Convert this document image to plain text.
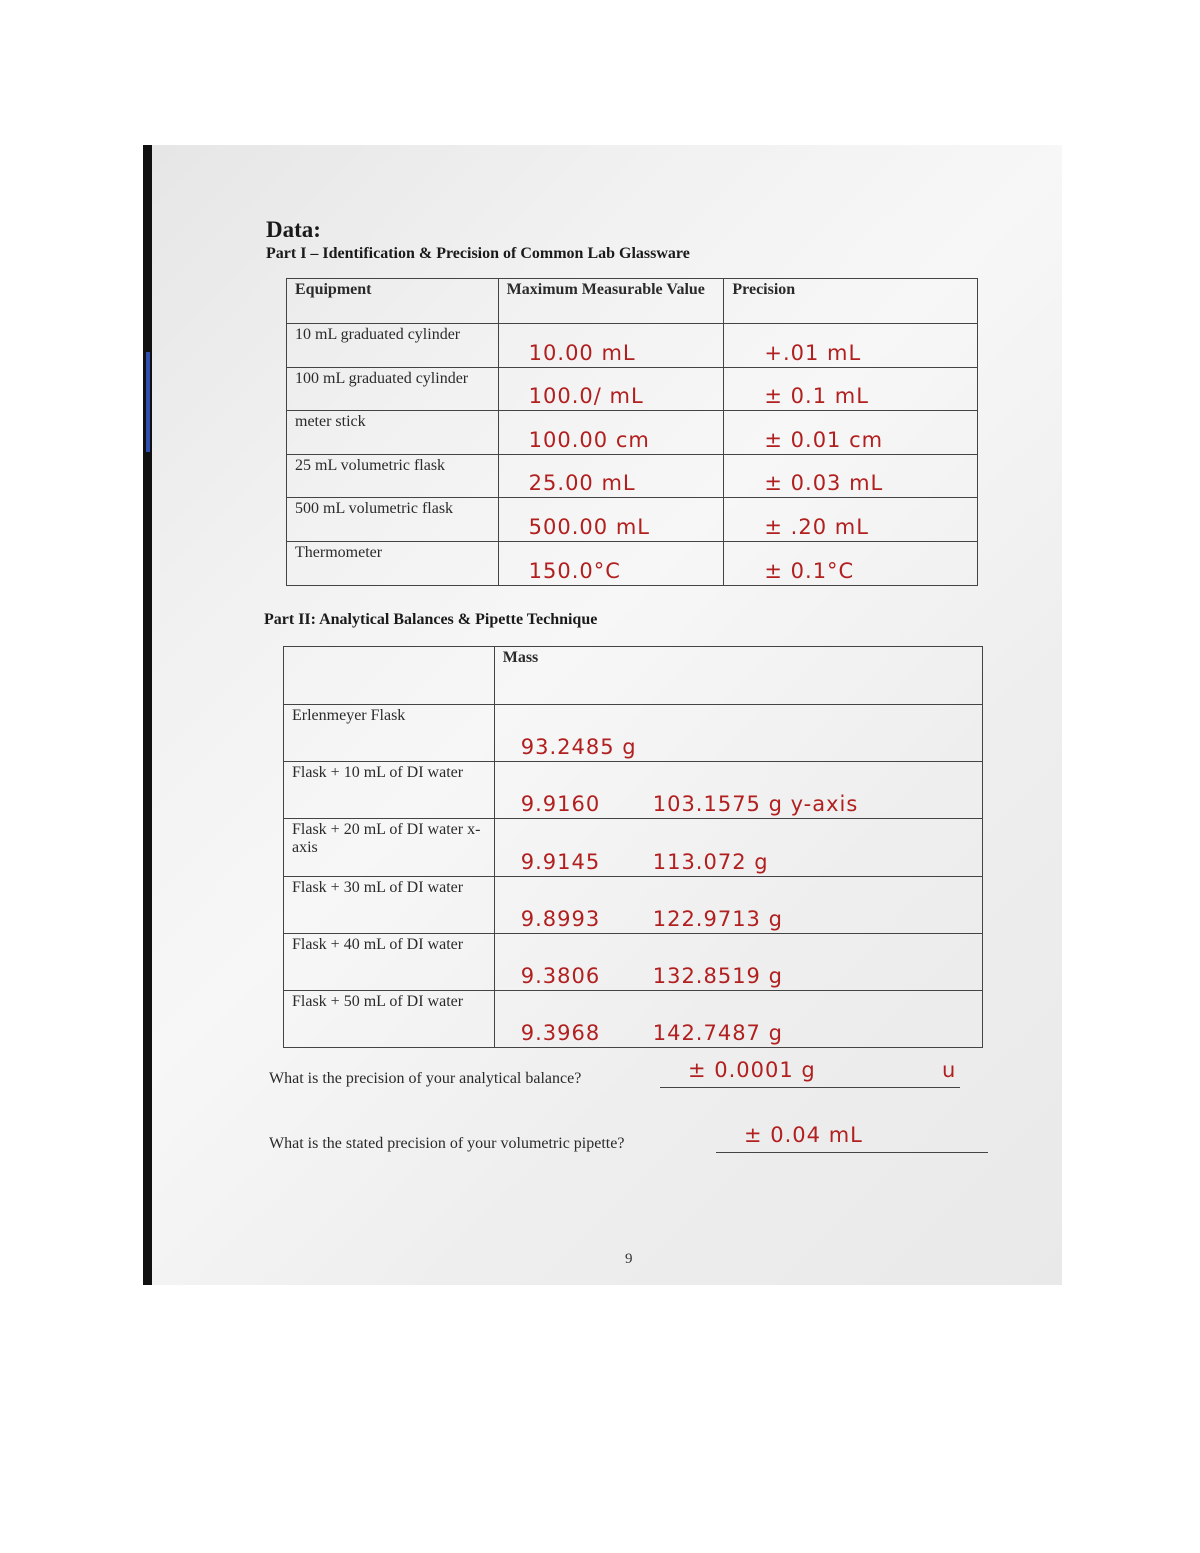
Data:
Part I – Identification & Precision of Common Lab Glassware
Equipment	Maximum Measurable Value	Precision
10 mL graduated cylinder	10.00 mL	+.01 mL
100 mL graduated cylinder	100.0/ mL	± 0.1 mL
meter stick	100.00 cm	± 0.01 cm
25 mL volumetric flask	25.00 mL	± 0.03 mL
500 mL volumetric flask	500.00 mL	± .20 mL
Thermometer	150.0°C	± 0.1°C
Part II: Analytical Balances & Pipette Technique
	Mass
Erlenmeyer Flask	93.2485 g
Flask + 10 mL of DI water	9.9160 103.1575 g y-axis
Flask + 20 mL of DI water x-axis	9.9145 113.072 g
Flask + 30 mL of DI water	9.8993 122.9713 g
Flask + 40 mL of DI water	9.3806 132.8519 g
Flask + 50 mL of DI water	9.3968 142.7487 g

What is the precision of your analytical balance?	± 0.0001 g	u

What is the stated precision of your volumetric pipette?	± 0.04 mL

9
